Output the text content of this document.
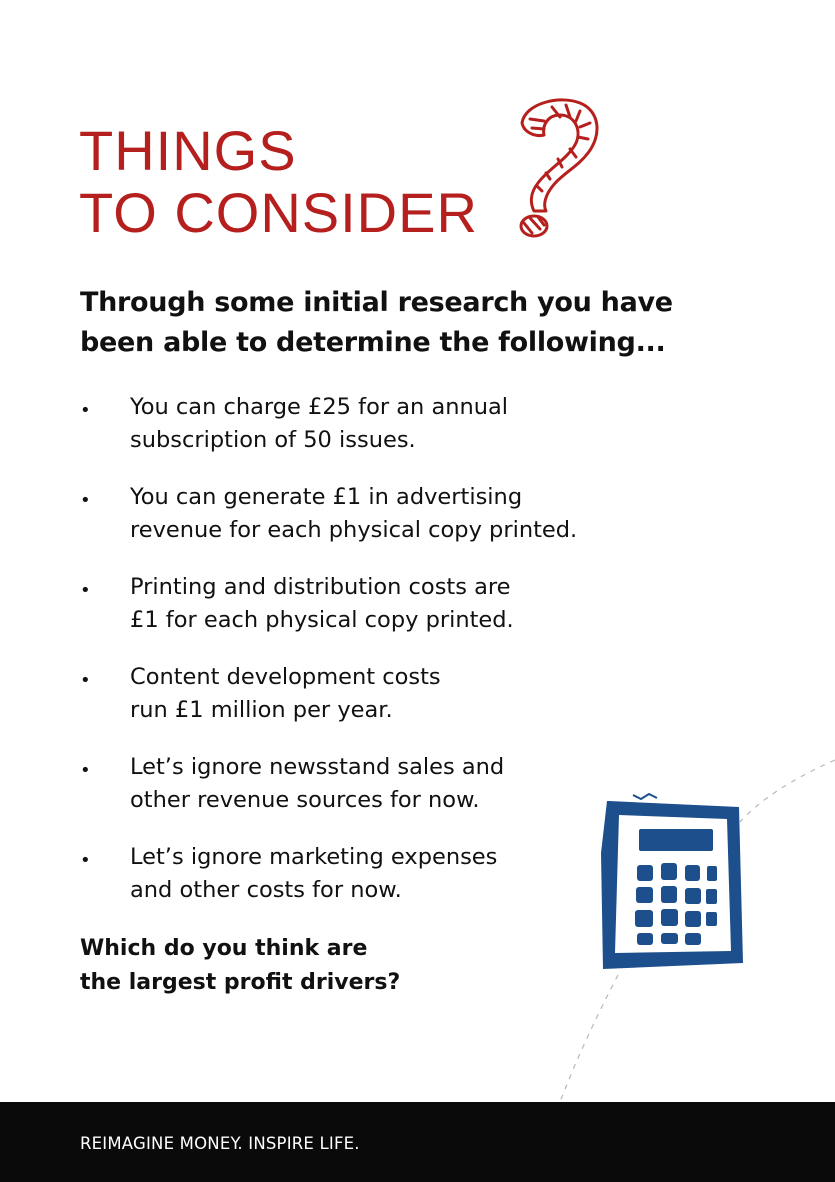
THINGS
TO CONSIDER

Through some initial research you have
been able to determine the following...

• You can charge £25 for an annual
subscription of 50 issues.
• You can generate £1 in advertising
revenue for each physical copy printed.
• Printing and distribution costs are
£1 for each physical copy printed.
• Content development costs
run £1 million per year.
• Let’s ignore newsstand sales and
other revenue sources for now.
• Let’s ignore marketing expenses
and other costs for now.

Which do you think are
the largest profit drivers?

REIMAGINE MONEY. INSPIRE LIFE.
